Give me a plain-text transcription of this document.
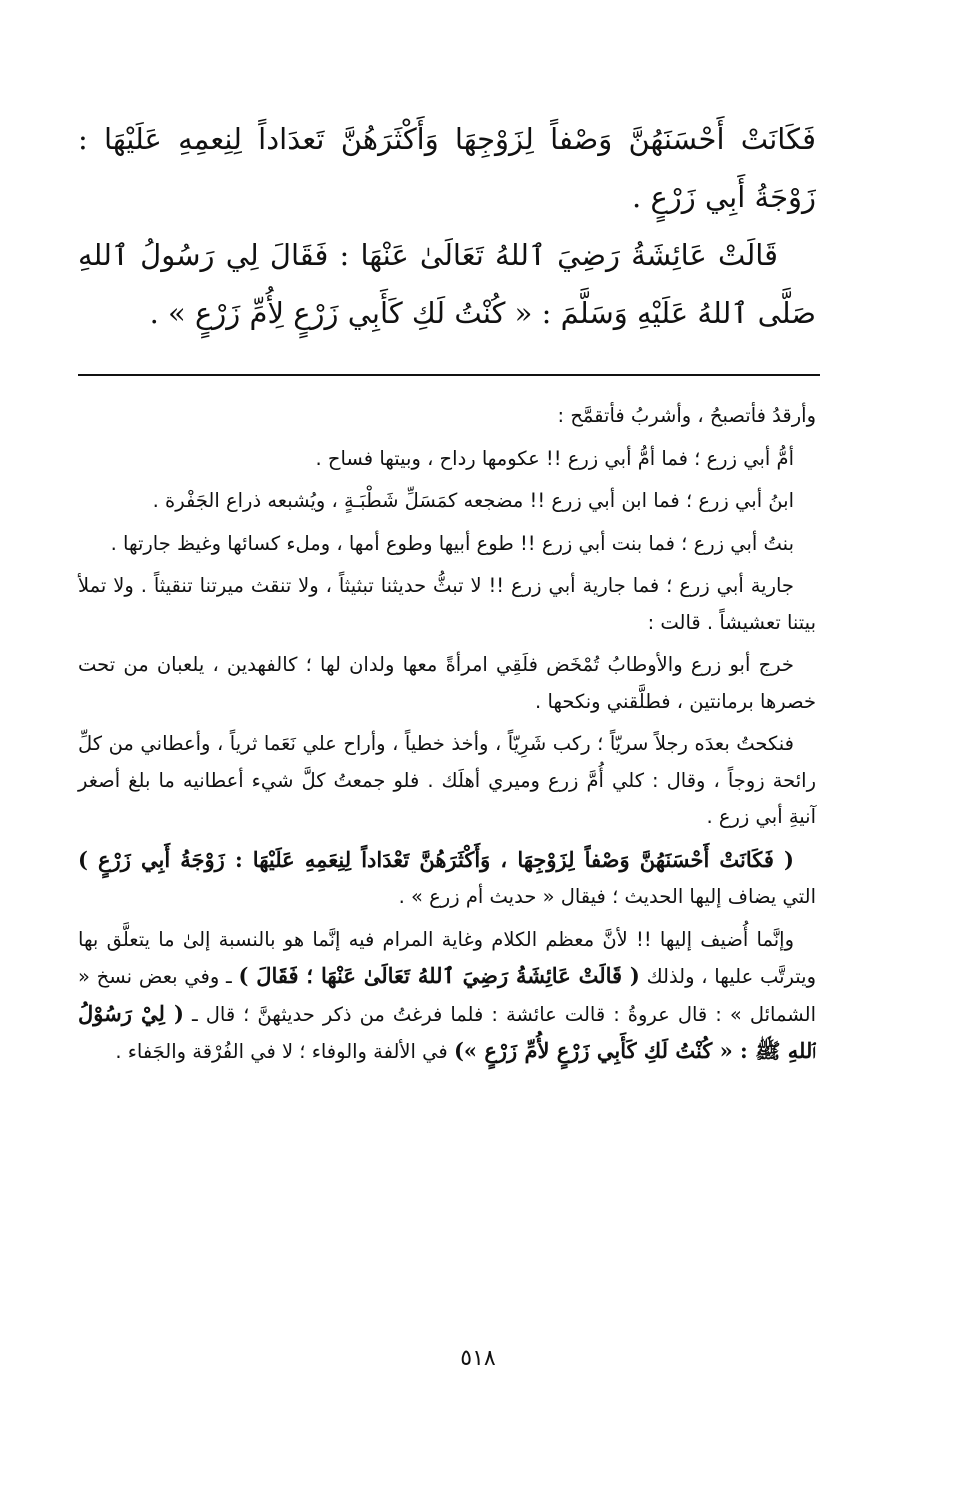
فَكَانَتْ أَحْسَنَهُنَّ وَصْفاً لِزَوْجِهَا وَأَكْثَرَهُنَّ تَعدَاداً لِنِعمِهِ عَلَيْهَا : زَوْجَةُ أَبِي زَرْعٍ .

قَالَتْ عَائِشَةُ رَضِيَ ٱللهُ تَعَالَىٰ عَنْهَا : فَقَالَ لِي رَسُولُ ٱللهِ صَلَّى ٱللهُ عَلَيْهِ وَسَلَّمَ : « كُنْتُ لَكِ كَأَبِي زَرْعٍ لِأُمِّ زَرْعٍ » .

وأرقدُ فأتصبحُ ، وأشربُ فأتقمَّح :

أمُّ أبي زرع ؛ فما أمُّ أبي زرع !! عكومها رداح ، وبيتها فساح .

ابنُ أبي زرع ؛ فما ابن أبي زرع !! مضجعه كمَسَلِّ شَطْبَـةٍ ، ويُشبعه ذراع الجَفْرة .

بنتُ أبي زرع ؛ فما بنت أبي زرع !! طوع أبيها وطوع أمها ، وملء كسائها وغيظ جارتها .

جارية أبي زرع ؛ فما جارية أبي زرع !! لا تبثُّ حديثنا تبثيثاً ، ولا تنقث ميرتنا تنقيثاً . ولا تملأ بيتنا تعشيشاً . قالت :

خرج أبو زرع والأوطابُ تُمْخَض فلَقِي امرأةً معها ولدان لها ؛ كالفهدين ، يلعبان من تحت خصرها برمانتين ، فطلَّقني ونكحها .

فنكحتُ بعدَه رجلاً سريّاً ؛ ركب شَرِيّاً ، وأخذ خطياً ، وأراح علي نَعَما ثرياً ، وأعطاني من كلِّ رائحة زوجاً ، وقال : كلي أُمَّ زرع وميري أهلَك . فلو جمعتُ كلَّ شيء أعطانيه ما بلغ أصغر آنيةِ أبي زرع .

( فَكَانَتْ أَحْسَنَهُنَّ وَصْفاً لِزَوْجِهَا ، وَأَكْثَرَهُنَّ تَعْدَاداً لِنِعَمِهِ عَلَيْهَا : زَوْجَةُ أَبِي زَرْعٍ ) التي يضاف إليها الحديث ؛ فيقال « حديث أم زرع » .

وإنَّما أُضيف إليها !! لأنَّ معظم الكلام وغاية المرام فيه إنَّما هو بالنسبة إلىٰ ما يتعلَّق بها ويترتَّب عليها ، ولذلك ( قَالَتْ عَائِشَةُ رَضِيَ ٱللهُ تَعَالَىٰ عَنْهَا ؛ فَقَالَ ) ـ وفي بعض نسخ « الشمائل » : قال عروةُ : قالت عائشة : فلما فرغتُ من ذكر حديثهنَّ ؛ قال ـ ( لِيْ رَسُوْلُ ٱللهِ ﷺ : « كُنْتُ لَكِ كَأَبِي زَرْعٍ لأُمِّ زَرْعٍ ») في الألفة والوفاء ؛ لا في الفُرْقة والجَفاء .

٥١٨
